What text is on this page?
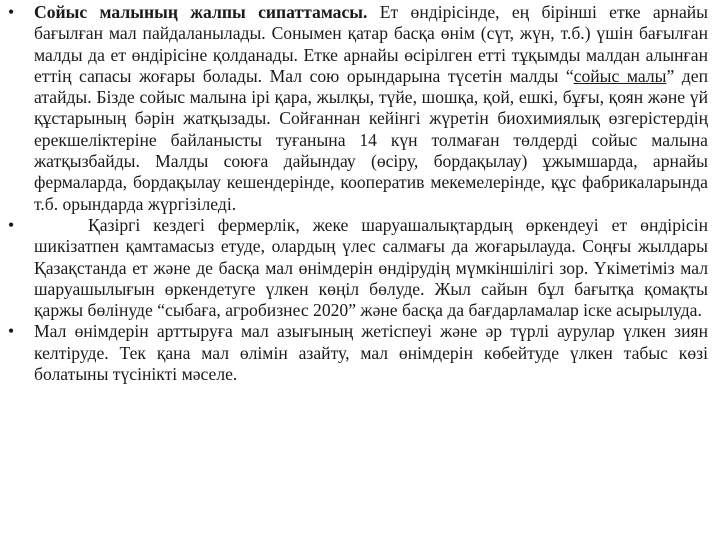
•	Сойыс малының жалпы сипаттамасы. Ет өндірісінде, ең бірінші етке арнайы бағылған мал пайдаланылады. Сонымен қатар басқа өнім (сүт, жүн, т.б.) үшін бағылған малды да ет өндірісіне қолданады. Етке арнайы өсірілген етті тұқымды малдан алынған еттің сапасы жоғары болады. Мал сою орындарына түсетін малды “сойыс малы” деп атайды. Бізде сойыс малына ірі қара, жылқы, түйе, шошқа, қой, ешкі, бұғы, қоян және үй құстарының бәрін жатқызады. Сойғаннан кейінгі жүретін биохимиялық өзгерістердің ерекшеліктеріне байланысты туғанына 14 күн толмаған төлдерді сойыс малына жатқызбайды. Малды союға дайындау (өсіру, бордақылау) ұжымшарда, арнайы фермаларда, бордақылау кешендерінде, кооператив мекемелерінде, құс фабрикаларында т.б. орындарда жүргізіледі.
•	Қазіргі кездегі фермерлік, жеке шаруашалықтардың өркендеуі ет өндірісін шикізатпен қамтамасыз етуде, олардың үлес салмағы да жоғарылауда. Соңғы жылдары Қазақстанда ет және де басқа мал өнімдерін өндірудің мүмкіншілігі зор. Үкіметіміз мал шаруашылығын өркендетуге үлкен көңіл бөлуде. Жыл сайын бұл бағытқа қомақты қаржы бөлінуде “сыбаға, агробизнес 2020” және басқа да бағдарламалар іске асырылуда.
•	Мал өнімдерін арттыруға мал азығының жетіспеуі және әр түрлі аурулар үлкен зиян келтіруде. Тек қана мал өлімін азайту, мал өнімдерін көбейтуде үлкен табыс көзі болатыны түсінікті мәселе.
